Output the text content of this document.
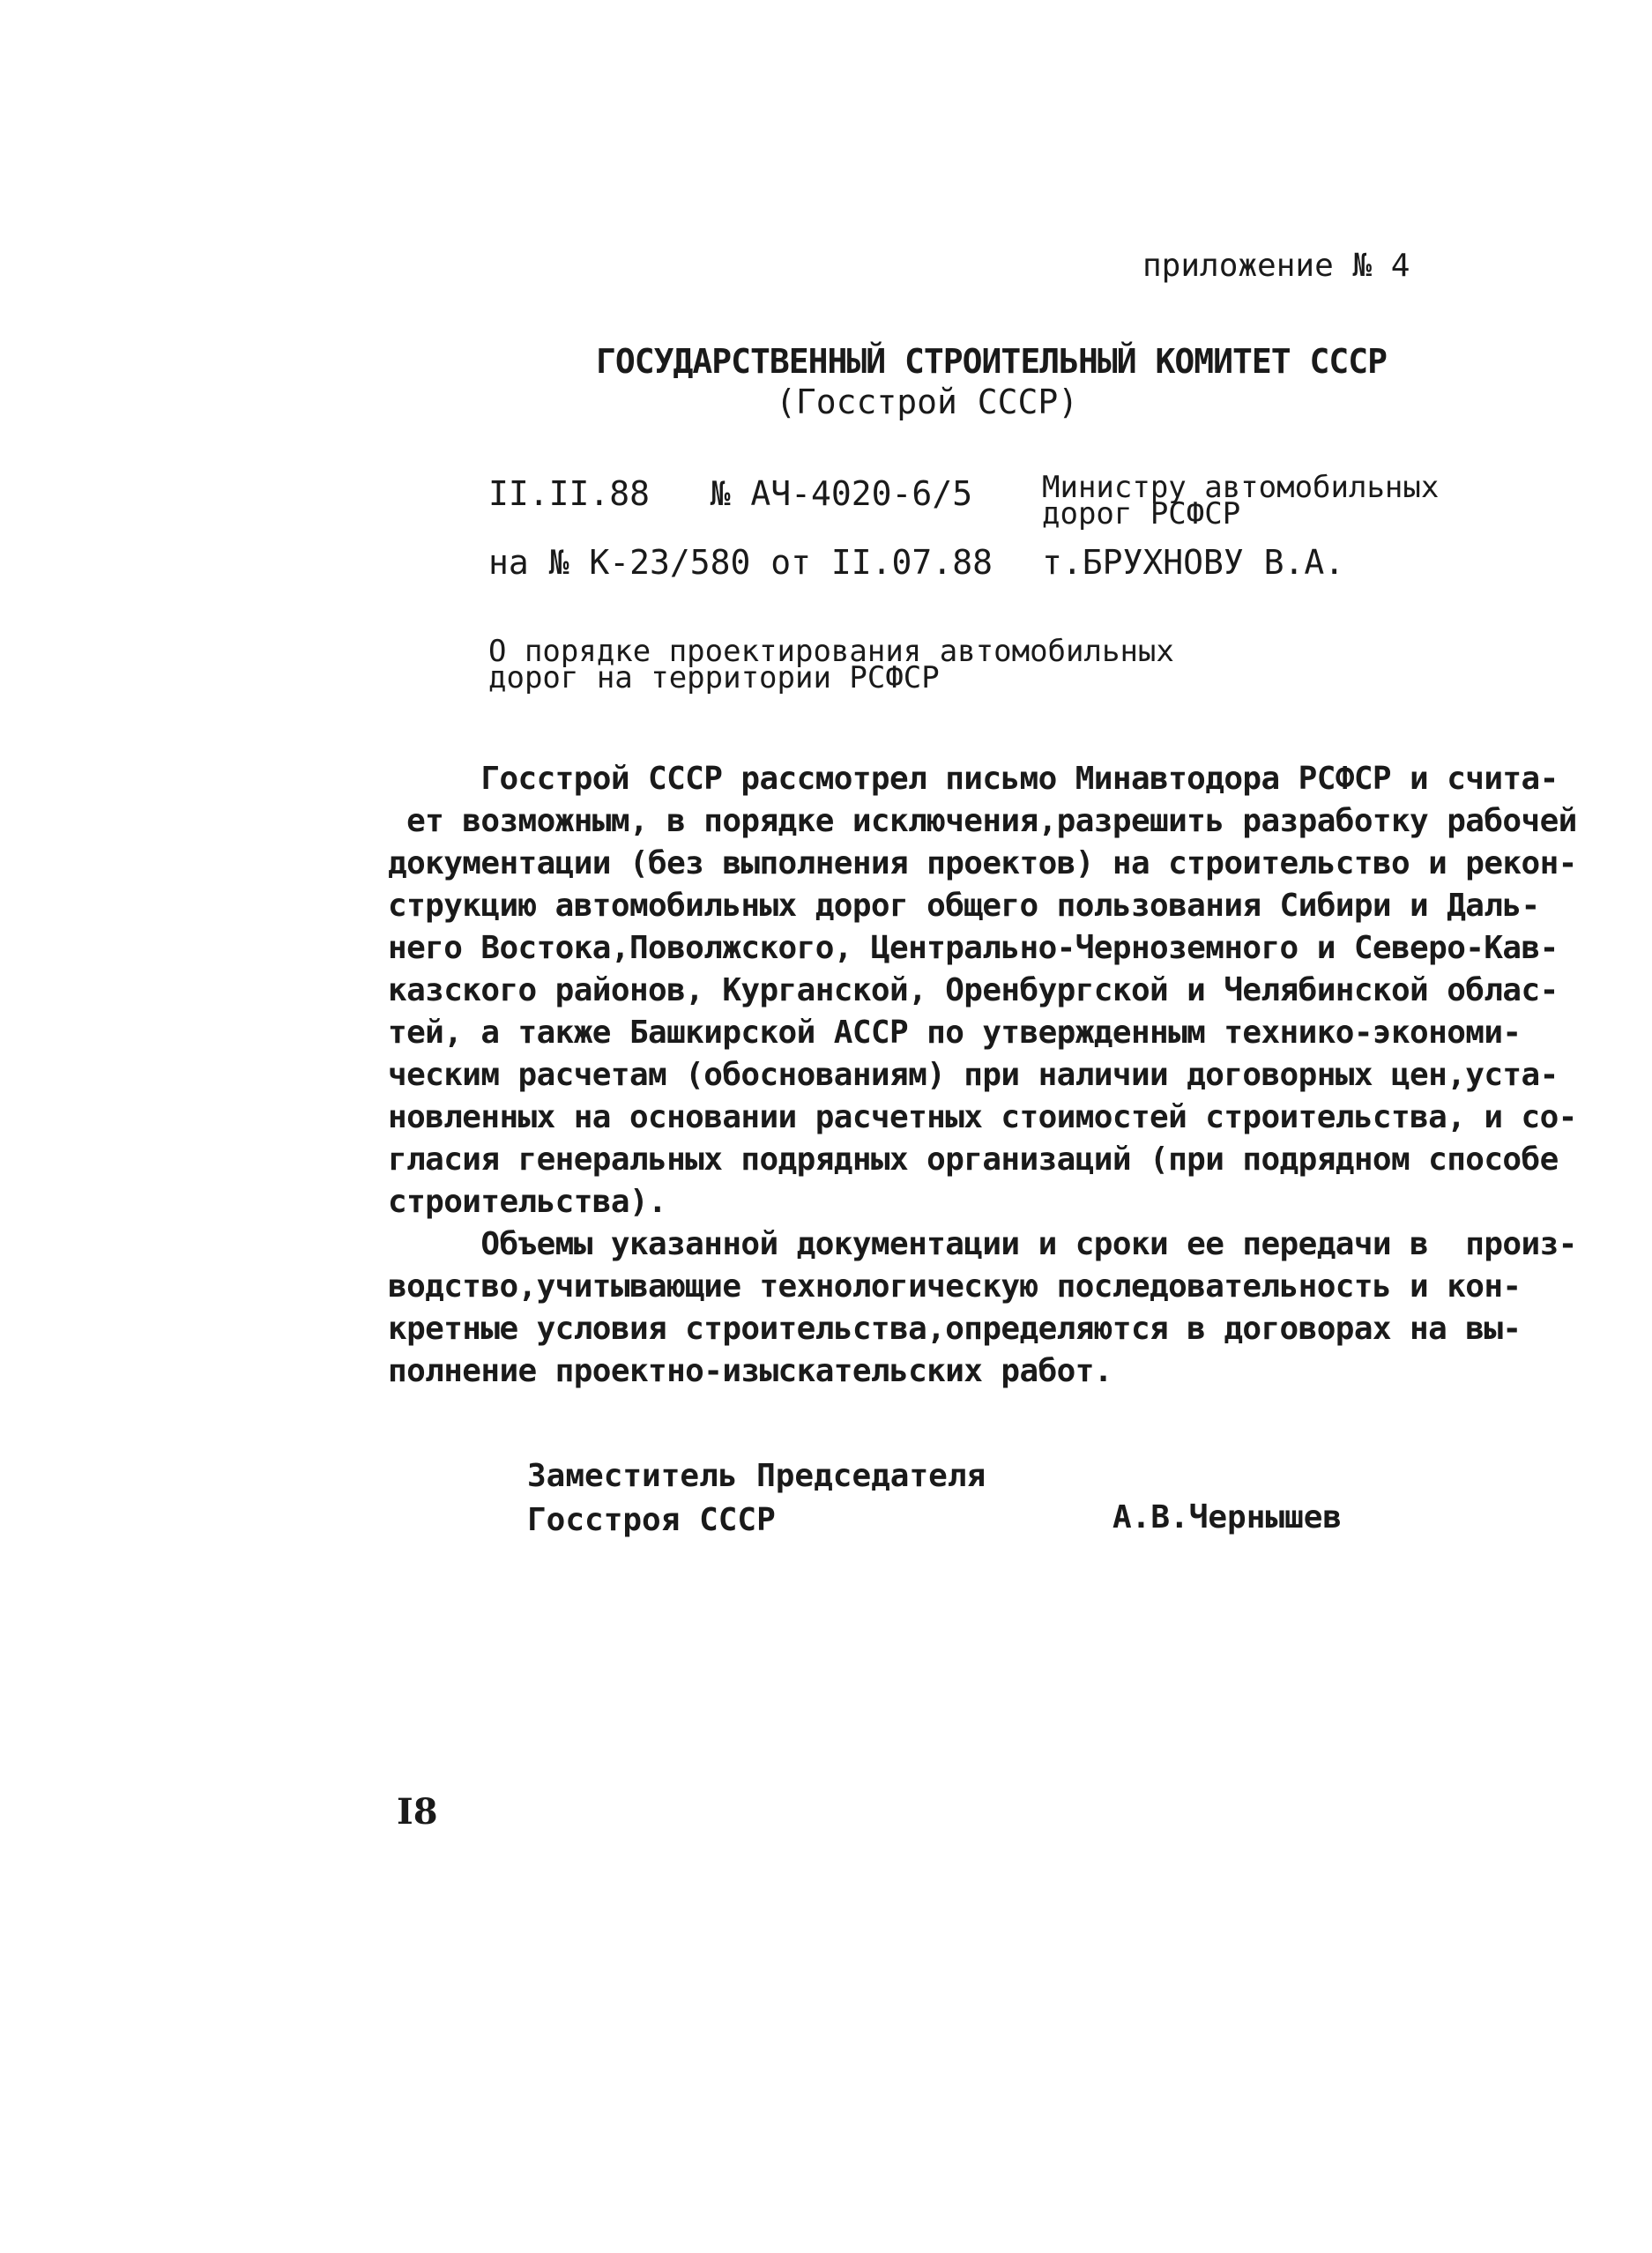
приложение № 4
ГОСУДАРСТВЕННЫЙ СТРОИТЕЛЬНЫЙ КОМИТЕТ СССР
(Госстрой СССР)
II.II.88   № АЧ-4020-6/5
на № К-23/580 от II.07.88
Министру автомобильных
дорог РСФСР
т.БРУХНОВУ В.А.
О порядке проектирования автомобильных
дорог на территории РСФСР
Госстрой СССР рассмотрел письмо Минавтодора РСФСР и счита-
ет возможным, в порядке исключения,разрешить разработку рабочей
документации (без выполнения проектов) на строительство и рекон-
струкцию автомобильных дорог общего пользования Сибири и Даль-
него Востока,Поволжского, Центрально-Черноземного и Северо-Кав-
казского районов, Курганской, Оренбургской и Челябинской облас-
тей, а также Башкирской АССР по утвержденным технико-экономи-
ческим расчетам (обоснованиям) при наличии договорных цен,уста-
новленных на основании расчетных стоимостей строительства, и со-
гласия генеральных подрядных организаций (при подрядном способе
строительства).
Объемы указанной документации и сроки ее передачи в  произ-
водство,учитывающие технологическую последовательность и кон-
кретные условия строительства,определяются в договорах на вы-
полнение проектно-изыскательских работ.
Заместитель Председателя
Госстроя СССР	А.В.Чернышев
I8
